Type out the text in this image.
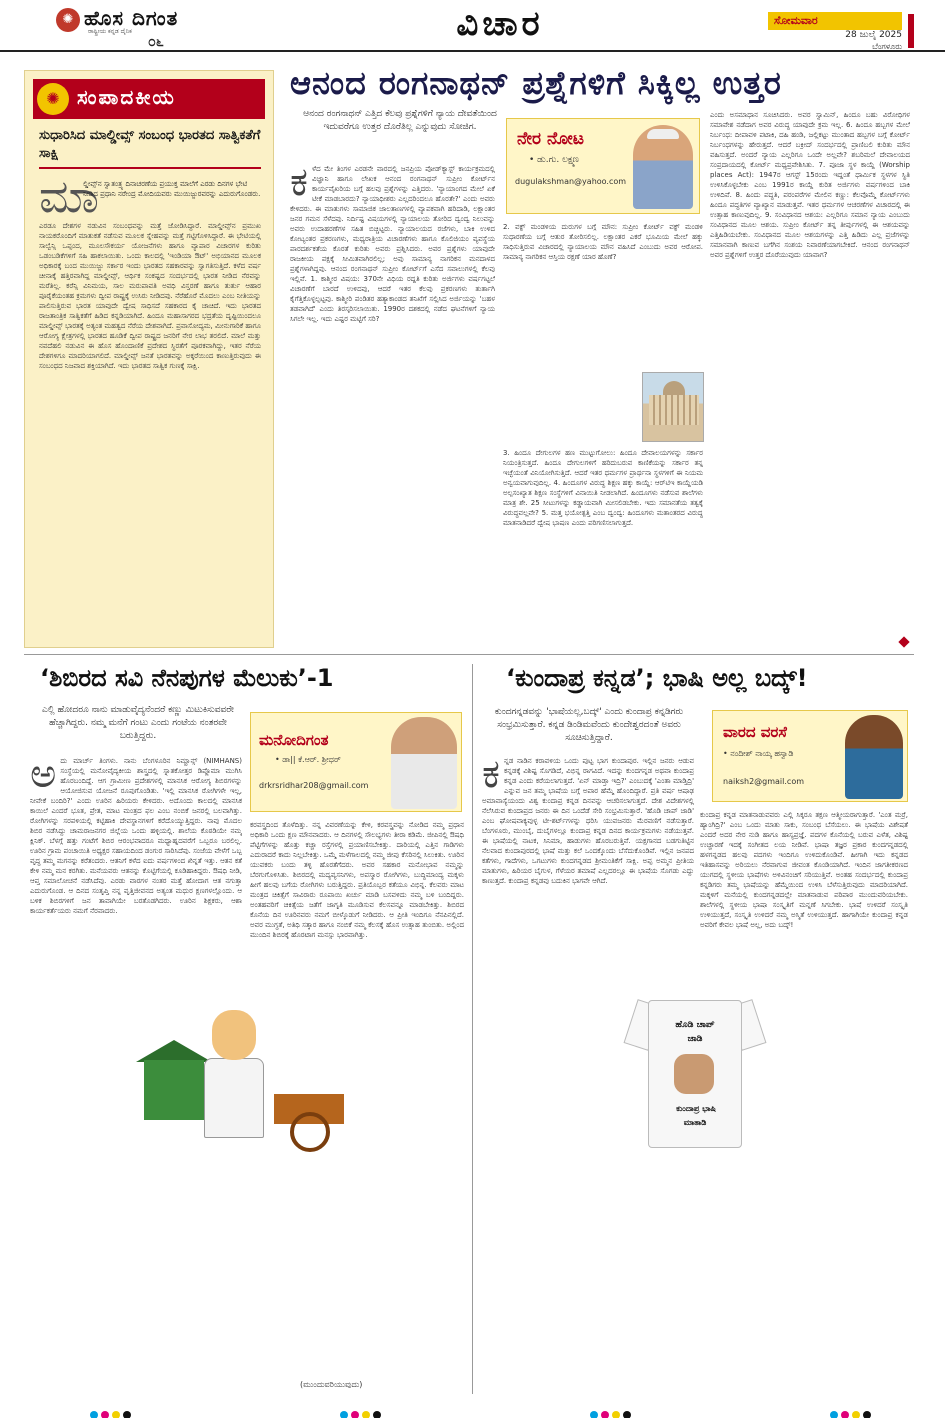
✺ ಹೊಸ ದಿಗಂತ
ರಾಷ್ಟ್ರೀಯ ಕನ್ನಡ ದೈನಿಕ
೦೬	ವಿಚಾರ	ಸೋಮವಾರ
28 ಜುಲೈ 2025
ಬೆಂಗಳೂರು
✺ ಸಂಪಾದಕೀಯ
ಸುಧಾರಿಸಿದ ಮಾಲ್ಡೀವ್ಸ್ ಸಂಬಂಧ ಭಾರತದ ಸಾತ್ವಿಕತೆಗೆ ಸಾಕ್ಷಿ
ಮಾ
ಲ್ಡೀವ್ಸ್‌ನ ಸ್ವಾತಂತ್ರ್ಯ ದಿನಾಚರಣೆಯ ಪ್ರಯುಕ್ತ ಮಾಲೆಗೆ ಎರಡು ದಿನಗಳ ಭೇಟಿ ನೀಡಿದ ಪ್ರಧಾನಿ ನರೇಂದ್ರ ಮೋದಿಯವರು ಮುಯಿಜ್ಜುರವರನ್ನು ಎದುರುಗೊಂಡರು.
ಎರಡೂ ದೇಶಗಳ ನಡುವಿನ ಸಂಬಂಧವನ್ನು ಮತ್ತೆ ಜೋಡಿಸಿದ್ದಾರೆ. ಮಾಲ್ಡೀವ್ಸ್‌ನ ಪ್ರಮುಖ ನಾಯಕರೊಂದಿಗೆ ಮಾತುಕತೆ ನಡೆಸುವ ಮೂಲಕ ಸ್ನೇಹವನ್ನು ಮತ್ತೆ ಗಟ್ಟಿಗೊಳಿಸಿದ್ದಾರೆ. ಈ ಭೇಟಿಯಲ್ಲಿ ಸಾಲ್ವೆನ್ಸಿ ಒಪ್ಪಂದ, ಮೂಲಸೌಕರ್ಯ ಯೋಜನೆಗಳು ಹಾಗೂ ವ್ಯಾಪಾರ ವಿಚಾರಗಳ ಕುರಿತು ಒಡಂಬಡಿಕೆಗಳಿಗೆ ಸಹಿ ಹಾಕಲಾಯಿತು. ಒಂದು ಕಾಲದಲ್ಲಿ 'ಇಂಡಿಯಾ ಔಟ್' ಅಭಿಯಾನದ ಮೂಲಕ ಅಧಿಕಾರಕ್ಕೆ ಬಂದ ಮುಯಿಜ್ಜು ಸರ್ಕಾರ ಇಂದು ಭಾರತದ ಸಹಕಾರವನ್ನು ಸ್ವಾಗತಿಸುತ್ತಿದೆ. ಕಳೆದ ವರ್ಷ ಚೀನಾಕ್ಕೆ ಹತ್ತಿರವಾಗಿದ್ದ ಮಾಲ್ಡೀವ್ಸ್, ಆರ್ಥಿಕ ಸಂಕಷ್ಟದ ಸಂದರ್ಭದಲ್ಲಿ ಭಾರತ ನೀಡಿದ ನೆರವನ್ನು ಮರೆತಿಲ್ಲ. ಕರೆನ್ಸಿ ವಿನಿಮಯ, ಸಾಲ ಮರುಪಾವತಿ ಅವಧಿ ವಿಸ್ತರಣೆ ಹಾಗೂ ತುರ್ತು ಆಹಾರ ಪೂರೈಕೆಯಂತಹ ಕ್ರಮಗಳು ದ್ವೀಪ ರಾಷ್ಟ್ರಕ್ಕೆ ಉಸಿರು ನೀಡಿದವು. ನೆರೆಹೊರೆ ಮೊದಲು ಎಂಬ ನೀತಿಯನ್ನು ಪಾಲಿಸುತ್ತಿರುವ ಭಾರತ ಯಾವುದೇ ದ್ವೇಷ ಸಾಧಿಸದೆ ಸಹಕಾರದ ಕೈ ಚಾಚಿದೆ. ಇದು ಭಾರತದ ರಾಜತಾಂತ್ರಿಕ ಸಾತ್ವಿಕತೆಗೆ ಹಿಡಿದ ಕನ್ನಡಿಯಾಗಿದೆ. ಹಿಂದೂ ಮಹಾಸಾಗರದ ಭದ್ರತೆಯ ದೃಷ್ಟಿಯಿಂದಲೂ ಮಾಲ್ಡೀವ್ಸ್ ಭಾರತಕ್ಕೆ ಅತ್ಯಂತ ಮಹತ್ವದ ನೆರೆಯ ದೇಶವಾಗಿದೆ. ಪ್ರವಾಸೋದ್ಯಮ, ಮೀನುಗಾರಿಕೆ ಹಾಗೂ ಆರೋಗ್ಯ ಕ್ಷೇತ್ರಗಳಲ್ಲಿ ಭಾರತದ ಹೂಡಿಕೆ ದ್ವೀಪ ರಾಷ್ಟ್ರದ ಜನರಿಗೆ ನೇರ ಲಾಭ ತರಲಿದೆ. ಮಾಲೆ ಮತ್ತು ನವದೆಹಲಿ ನಡುವಿನ ಈ ಹೊಸ ಹೊಂದಾಣಿಕೆ ಪ್ರದೇಶದ ಸ್ಥಿರತೆಗೆ ಪೂರಕವಾಗಿದ್ದು, ಇತರ ನೆರೆಯ ದೇಶಗಳಿಗೂ ಮಾದರಿಯಾಗಲಿದೆ. ಮಾಲ್ಡೀವ್ಸ್ ಜನತೆ ಭಾರತವನ್ನು ಅಕ್ಕರೆಯಿಂದ ಕಾಣುತ್ತಿರುವುದು ಈ ಸಂಬಂಧದ ನಿಜವಾದ ಶಕ್ತಿಯಾಗಿದೆ. ಇದು ಭಾರತದ ಸಾತ್ವಿಕ ಗುಣಕ್ಕೆ ಸಾಕ್ಷಿ.
ಆನಂದ ರಂಗನಾಥನ್ ಪ್ರಶ್ನೆಗಳಿಗೆ ಸಿಕ್ಕಿಲ್ಲ ಉತ್ತರ
ಆನಂದ ರಂಗನಾಥನ್ ಎತ್ತಿದ ಕೆಲವು ಪ್ರಶ್ನೆಗಳಿಗೆ ನ್ಯಾಯ ದೇವತೆಯಿಂದ ಇದುವರೆಗೂ ಉತ್ತರ ದೊರೆತಿಲ್ಲ ಎನ್ನುವುದು ಸೋಜಿಗ.
ಕ ಳೆದ ಮೇ ತಿಂಗಳ ಎರಡನೇ ವಾರದಲ್ಲಿ ಜನಪ್ರಿಯ ಪೋಡ್‌ಕ್ಯಾಸ್ಟ್ ಕಾರ್ಯಕ್ರಮದಲ್ಲಿ ವಿಜ್ಞಾನಿ ಹಾಗೂ ಲೇಖಕ ಆನಂದ ರಂಗನಾಥನ್ ಸುಪ್ರೀಂ ಕೋರ್ಟ್‌ನ ಕಾರ್ಯವೈಖರಿಯ ಬಗ್ಗೆ ಹಲವು ಪ್ರಶ್ನೆಗಳನ್ನು ಎತ್ತಿದರು. 'ನ್ಯಾಯಾಂಗದ ಮೇಲೆ ಏಕೆ ಟೀಕೆ ಮಾಡಬಾರದು? ನ್ಯಾಯಾಧೀಶರು ಎಲ್ಲದರಿಂದಲೂ ಹೊರತೇ?' ಎಂದು ಅವರು ಕೇಳಿದರು. ಈ ಮಾತುಗಳು ಸಾಮಾಜಿಕ ಜಾಲತಾಣಗಳಲ್ಲಿ ವ್ಯಾಪಕವಾಗಿ ಹರಿದಾಡಿ, ಲಕ್ಷಾಂತರ ಜನರ ಗಮನ ಸೆಳೆದವು. ನಿರ್ದಿಷ್ಟ ವಿಷಯಗಳಲ್ಲಿ ನ್ಯಾಯಾಲಯ ತೋರಿದ ದ್ವಂದ್ವ ನಿಲುವನ್ನು ಅವರು ಉದಾಹರಣೆಗಳ ಸಹಿತ ಬಿಚ್ಚಿಟ್ಟರು. ನ್ಯಾಯಾಲಯದ ರಜೆಗಳು, ಬಾಕಿ ಉಳಿದ ಕೋಟ್ಯಂತರ ಪ್ರಕರಣಗಳು, ಮಧ್ಯರಾತ್ರಿಯ ವಿಚಾರಣೆಗಳು ಹಾಗೂ ಕೊಲಿಜಿಯಂ ವ್ಯವಸ್ಥೆಯ ಪಾರದರ್ಶಕತೆಯ ಕೊರತೆ ಕುರಿತು ಅವರು ಪ್ರಶ್ನಿಸಿದರು. ಅವರ ಪ್ರಶ್ನೆಗಳು ಯಾವುದೇ ರಾಜಕೀಯ ಪಕ್ಷಕ್ಕೆ ಸೀಮಿತವಾಗಿರಲಿಲ್ಲ; ಅವು ಸಾಮಾನ್ಯ ನಾಗರಿಕನ ಮನದಾಳದ ಪ್ರಶ್ನೆಗಳಾಗಿದ್ದವು. ಆನಂದ ರಂಗನಾಥನ್ ಸುಪ್ರೀಂ ಕೋರ್ಟ್‌ಗೆ ಎಸೆದ ಸವಾಲುಗಳಲ್ಲಿ ಕೆಲವು ಇಲ್ಲಿವೆ. 1. ಕಾಶ್ಮೀರ ವಿಷಯ: 370ನೇ ವಿಧಿಯ ರದ್ದತಿ ಕುರಿತು ಅರ್ಜಿಗಳು ವರ್ಷಗಟ್ಟಲೆ ವಿಚಾರಣೆಗೆ ಬಾರದೆ ಉಳಿದವು, ಆದರೆ ಇತರ ಕೆಲವು ಪ್ರಕರಣಗಳು ತುರ್ತಾಗಿ ಕೈಗೆತ್ತಿಕೊಳ್ಳಲ್ಪಟ್ಟವು. ಕಾಶ್ಮೀರಿ ಪಂಡಿತರ ಹತ್ಯಾಕಾಂಡದ ತನಿಖೆಗೆ ಸಲ್ಲಿಸಿದ ಅರ್ಜಿಯನ್ನು 'ಬಹಳ ತಡವಾಗಿದೆ' ಎಂದು ತಿರಸ್ಕರಿಸಲಾಯಿತು. 1990ರ ದಶಕದಲ್ಲಿ ನಡೆದ ಘಟನೆಗಳಿಗೆ ನ್ಯಾಯ ಸಿಗಲೇ ಇಲ್ಲ. ಇದು ಎಷ್ಟರ ಮಟ್ಟಿಗೆ ಸರಿ?
ನೇರ ನೋಟ
• ಡು.ಗು. ಲಕ್ಷ್ಮಣ
dugulakshman@yahoo.com
2. ವಕ್ಫ್ ಮಂಡಳಿಯ ದುರುಗಳ ಬಗ್ಗೆ ಮೌನ: ಸುಪ್ರೀಂ ಕೋರ್ಟ್ ವಕ್ಫ್ ಮಂಡಳಿ ಸುಧಾರಣೆಯ ಬಗ್ಗೆ ಆತುರ ತೋರಿಸಲಿಲ್ಲ. ಲಕ್ಷಾಂತರ ಎಕರೆ ಭೂಮಿಯ ಮೇಲೆ ಹಕ್ಕು ಸಾಧಿಸುತ್ತಿರುವ ವಿಚಾರದಲ್ಲಿ ನ್ಯಾಯಾಲಯ ಮೌನ ವಹಿಸಿದೆ ಎಂಬುದು ಅವರ ಆರೋಪ. ಸಾಮಾನ್ಯ ನಾಗರಿಕನ ಆಸ್ತಿಯ ರಕ್ಷಣೆ ಯಾರ ಹೊಣೆ?
3. ಹಿಂದೂ ದೇಗುಲಗಳ ಹಣ ಮುಟ್ಟುಗೋಲು: ಹಿಂದೂ ದೇವಾಲಯಗಳನ್ನು ಸರ್ಕಾರ ನಿಯಂತ್ರಿಸುತ್ತದೆ. ಹಿಂದೂ ದೇಗುಲಗಳಿಗೆ ಹರಿದುಬರುವ ಕಾಣಿಕೆಯನ್ನು ಸರ್ಕಾರ ತನ್ನ ಇಚ್ಛೆಯಂತೆ ವಿನಿಯೋಗಿಸುತ್ತಿದೆ. ಆದರೆ ಇತರ ಧರ್ಮಗಳ ಪ್ರಾರ್ಥನಾ ಸ್ಥಳಗಳಿಗೆ ಈ ನಿಯಮ ಅನ್ವಯವಾಗುವುದಿಲ್ಲ. 4. ಹಿಂದೂಗಳ ವಿರುದ್ಧ ಶಿಕ್ಷಣ ಹಕ್ಕು ಕಾಯ್ದೆ: ಆರ್‌ಟಿಇ ಕಾಯ್ದೆಯಡಿ ಅಲ್ಪಸಂಖ್ಯಾತ ಶಿಕ್ಷಣ ಸಂಸ್ಥೆಗಳಿಗೆ ವಿನಾಯಿತಿ ನೀಡಲಾಗಿದೆ. ಹಿಂದೂಗಳು ನಡೆಸುವ ಶಾಲೆಗಳು ಮಾತ್ರ ಶೇ. 25 ಸೀಟುಗಳನ್ನು ಕಡ್ಡಾಯವಾಗಿ ಮೀಸಲಿಡಬೇಕು. ಇದು ಸಮಾನತೆಯ ತತ್ವಕ್ಕೆ ವಿರುದ್ಧವಲ್ಲವೇ? 5. ಮತ್ತ ಭಯೋತ್ಪತ್ತಿ ಎಂಬ ದ್ವಂದ್ವ: ಹಿಂದೂಗಳು ಮತಾಂತರದ ವಿರುದ್ಧ ಮಾತನಾಡಿದರೆ ದ್ವೇಷ ಭಾಷಣ ಎಂದು ಪರಿಗಣಿಸಲಾಗುತ್ತದೆ.
ಎಂದು ಅಸಮಾಧಾನ ಸೂಚಿಸಿದರು. ಅವರ ಸ್ವಾಮಿನ್, ಹಿಂದೂ ಬಹು ವಿರೋಧಿಗಳ ಸಮಾವೇಶ ನಡೆದಾಗ ಅವರ ವಿರುದ್ಧ ಯಾವುದೇ ಕ್ರಮ ಇಲ್ಲ. 6. ಹಿಂದೂ ಹಬ್ಬಗಳ ಮೇಲೆ ನಿರ್ಬಂಧ: ದೀಪಾವಳಿ ಪಟಾಕಿ, ದಹಿ ಹಂಡಿ, ಜಲ್ಲಿಕಟ್ಟು ಮುಂತಾದ ಹಬ್ಬಗಳ ಬಗ್ಗೆ ಕೋರ್ಟ್ ನಿರ್ಬಂಧಗಳನ್ನು ಹೇರುತ್ತದೆ. ಆದರೆ ಬಕ್ರೀದ್ ಸಂದರ್ಭದಲ್ಲಿ ಪ್ರಾಣಿಬಲಿ ಕುರಿತು ಮೌನ ವಹಿಸುತ್ತದೆ. ಅಂದರೆ ನ್ಯಾಯ ಎಲ್ಲರಿಗೂ ಒಂದೇ ಅಲ್ಲವೇ? ಶಬರಿಮಲೆ ದೇವಾಲಯದ ಸಂಪ್ರದಾಯದಲ್ಲಿ ಕೋರ್ಟ್ ಮಧ್ಯಪ್ರವೇಶಿಸಿತು. 7. ಪೂಜಾ ಸ್ಥಳ ಕಾಯ್ದೆ (Worship places Act): 1947ರ ಆಗಸ್ಟ್ 15ರಂದು ಇದ್ದಂತೆ ಧಾರ್ಮಿಕ ಸ್ಥಳಗಳ ಸ್ಥಿತಿ ಉಳಿಸಿಕೊಳ್ಳಬೇಕು ಎಂಬ 1991ರ ಕಾಯ್ದೆ ಕುರಿತ ಅರ್ಜಿಗಳು ವರ್ಷಗಳಿಂದ ಬಾಕಿ ಉಳಿದಿವೆ. 8. ಹಿಂದು ಪದ್ಧತಿ, ಪರಂಪರೆಗಳ ಮೇಲಿನ ಕಣ್ಣು: ಕೆಲವೊಮ್ಮೆ ಕೋರ್ಟ್‌ಗಳು ಹಿಂದೂ ಪದ್ಧತಿಗಳ ವ್ಯಾಖ್ಯಾನ ಮಾಡುತ್ತವೆ. ಇತರ ಧರ್ಮಗಳ ಆಚರಣೆಗಳ ವಿಚಾರದಲ್ಲಿ ಈ ಉತ್ಸಾಹ ಕಾಣುವುದಿಲ್ಲ. 9. ಸಂವಿಧಾನದ ಆಶಯ: ಎಲ್ಲರಿಗೂ ಸಮಾನ ನ್ಯಾಯ ಎಂಬುದು ಸಂವಿಧಾನದ ಮೂಲ ಆಶಯ. ಸುಪ್ರೀಂ ಕೋರ್ಟ್ ತನ್ನ ತೀರ್ಪುಗಳಲ್ಲಿ ಈ ಆಶಯವನ್ನು ಎತ್ತಿಹಿಡಿಯಬೇಕು. ಸಂವಿಧಾನದ ಮೂಲ ಆಶಯಗಳನ್ನು ಎತ್ತಿ ಹಿಡಿದು ಎಲ್ಲ ಪ್ರಜೆಗಳನ್ನು ಸಮಾನವಾಗಿ ಕಾಣುವ ಬಗೆಗಿನ ಸಂಶಯ ನಿವಾರಣೆಯಾಗಬೇಕಿದೆ. ಆನಂದ ರಂಗನಾಥನ್ ಅವರ ಪ್ರಶ್ನೆಗಳಿಗೆ ಉತ್ತರ ದೊರೆಯುವುದು ಯಾವಾಗ?
‘ಶಿಬಿರದ ಸವಿ ನೆನಪುಗಳ ಮೆಲುಕು’-1
ಎಲ್ಲಿ ಹೋದರೂ ನಾನು ಮಾಡುವೈದ್ಯನೆಂದರೆ ಕಣ್ಣು ಮಿಟುಕಿಸುವವರೇ ಹೆಚ್ಚಾಗಿದ್ದರು. ನಮ್ಮ ಮನೆಗೆ ಗಂಟು ಎಂದು ಗಂಟೆಯ ನಂತರವೇ ಬರುತ್ತಿದ್ದರು.
ಅ ದು ಮಾರ್ಚ್ ತಿಂಗಳು. ನಾನು ಬೆಂಗಳೂರಿನ ನಿಮ್ಹಾನ್ಸ್ (NIMHANS) ಸಂಸ್ಥೆಯಲ್ಲಿ ಮನೋವೈದ್ಯಕೀಯ ಶಾಸ್ತ್ರದಲ್ಲಿ ಸ್ನಾತಕೋತ್ತರ ಡಿಪ್ಲೊಮಾ ಮುಗಿಸಿ ಹೊರಬಂದಿದ್ದೆ. ಆಗ ಗ್ರಾಮೀಣ ಪ್ರದೇಶಗಳಲ್ಲಿ ಮಾನಸಿಕ ಆರೋಗ್ಯ ಶಿಬಿರಗಳನ್ನು ಆಯೋಜಿಸುವ ಯೋಜನೆ ರೂಪುಗೊಂಡಿತು. 'ಇಲ್ಲಿ ಮಾನಸಿಕ ರೋಗಿಗಳೇ ಇಲ್ಲ, ನೀವೇಕೆ ಬಂದಿರಿ?' ಎಂದು ಊರಿನ ಹಿರಿಯರು ಕೇಳಿದರು. ಅದೊಂದು ಕಾಲದಲ್ಲಿ ಮಾನಸಿಕ ಕಾಯಿಲೆ ಎಂದರೆ ಭೂತ, ಪ್ರೇತ, ಮಾಟ ಮಂತ್ರದ ಫಲ ಎಂಬ ನಂಬಿಕೆ ಜನರಲ್ಲಿ ಬಲವಾಗಿತ್ತು. ರೋಗಿಗಳನ್ನು ಸರಪಳಿಯಲ್ಲಿ ಕಟ್ಟಿಹಾಕಿ ದೇವಸ್ಥಾನಗಳಿಗೆ ಕರೆದೊಯ್ಯುತ್ತಿದ್ದರು. ನಾವು ಮೊದಲ ಶಿಬಿರ ನಡೆಸಿದ್ದು ಚಾಮರಾಜನಗರ ಜಿಲ್ಲೆಯ ಒಂದು ಹಳ್ಳಿಯಲ್ಲಿ. ಶಾಲೆಯ ಕೊಠಡಿಯೇ ನಮ್ಮ ಕ್ಲಿನಿಕ್. ಬೆಳಗ್ಗೆ ಹತ್ತು ಗಂಟೆಗೆ ಶಿಬಿರ ಆರಂಭವಾದರೂ ಮಧ್ಯಾಹ್ನದವರೆಗೆ ಒಬ್ಬರೂ ಬರಲಿಲ್ಲ. ಊರಿನ ಗ್ರಾಮ ಪಂಚಾಯಿತಿ ಅಧ್ಯಕ್ಷರ ಸಹಾಯದಿಂದ ಡಂಗುರ ಸಾರಿಸಿದೆವು. ಸಂಜೆಯ ವೇಳೆಗೆ ಒಬ್ಬ ವೃದ್ಧ ತಮ್ಮ ಮಗನನ್ನು ಕರೆತಂದರು. ಆತನಿಗೆ ಕಳೆದ ಐದು ವರ್ಷಗಳಿಂದ ಖಿನ್ನತೆ ಇತ್ತು. ಆತನ ಕತೆ ಕೇಳಿ ನಮ್ಮ ಮನ ಕರಗಿತು. ಮನೆಯವರು ಆತನನ್ನು ಕೊಟ್ಟಿಗೆಯಲ್ಲಿ ಕೂಡಿಹಾಕಿದ್ದರು. ಔಷಧಿ ನೀಡಿ, ಆಪ್ತ ಸಮಾಲೋಚನೆ ನಡೆಸಿದೆವು. ಎರಡು ವಾರಗಳ ನಂತರ ಮತ್ತೆ ಹೋದಾಗ ಆತ ನಗುತ್ತಾ ಎದುರುಗೊಂಡ. ಆ ದಿನದ ಸಂತೃಪ್ತಿ ನನ್ನ ವೃತ್ತಿಜೀವನದ ಅತ್ಯಂತ ಮಧುರ ಕ್ಷಣಗಳಲ್ಲೊಂದು. ಆ ಬಳಿಕ ಶಿಬಿರಗಳಿಗೆ ಜನ ತಾವಾಗಿಯೇ ಬರತೊಡಗಿದರು. ಊರಿನ ಶಿಕ್ಷಕರು, ಆಶಾ ಕಾರ್ಯಕರ್ತೆಯರು ನಮಗೆ ನೆರವಾದರು.
ಮನೋದಿಗಂತ
• ಡಾ|| ಕೆ.ಆರ್. ಶ್ರೀಧರ್
drkrsridhar208@gmail.com
ಕರವಸ್ತ್ರದಿಂದ ತೊಳೆದಿತ್ತು. ನನ್ನ ವಿವರಣೆಯನ್ನು ಕೇಳಿ, ಕರವಸ್ತ್ರವನ್ನು ನೋಡಿದ ನಮ್ಮ ಪ್ರಧಾನ ಅಧಿಕಾರಿ ಒಂದು ಕ್ಷಣ ಮೌನವಾದರು. ಆ ದಿನಗಳಲ್ಲಿ ಸೌಲಭ್ಯಗಳು ತೀರಾ ಕಡಿಮೆ. ಜೀಪಿನಲ್ಲಿ ಔಷಧಿ ಪೆಟ್ಟಿಗೆಗಳನ್ನು ಹೊತ್ತು ಕಚ್ಚಾ ರಸ್ತೆಗಳಲ್ಲಿ ಪ್ರಯಾಣಿಸಬೇಕಿತ್ತು. ದಾರಿಯಲ್ಲಿ ಎತ್ತಿನ ಗಾಡಿಗಳು ಎದುರಾದರೆ ಕಾದು ನಿಲ್ಲಬೇಕಿತ್ತು. ಒಮ್ಮೆ ಮಳೆಗಾಲದಲ್ಲಿ ನಮ್ಮ ಜೀಪು ಕೆಸರಿನಲ್ಲಿ ಸಿಲುಕಿತು. ಊರಿನ ಯುವಕರು ಬಂದು ತಳ್ಳಿ ಹೊರತೆಗೆದರು. ಅವರ ಸಹಕಾರ ಮನೋಭಾವ ನಮ್ಮನ್ನು ಬೆರಗುಗೊಳಿಸಿತು. ಶಿಬಿರದಲ್ಲಿ ಮದ್ಯವ್ಯಸನಿಗಳು, ಅಪಸ್ಮಾರ ರೋಗಿಗಳು, ಬುದ್ಧಿಮಾಂದ್ಯ ಮಕ್ಕಳು ಹೀಗೆ ಹಲವು ಬಗೆಯ ರೋಗಿಗಳು ಬರುತ್ತಿದ್ದರು. ಪ್ರತಿಯೊಬ್ಬರ ಕತೆಯೂ ವಿಭಿನ್ನ. ಕೆಲವರು ಮಾಟ ಮಂತ್ರದ ಚಿಕಿತ್ಸೆಗೆ ಸಾವಿರಾರು ರೂಪಾಯಿ ಖರ್ಚು ಮಾಡಿ ಬಸವಳಿದು ನಮ್ಮ ಬಳಿ ಬಂದಿದ್ದರು. ಅಂತಹವರಿಗೆ ಚಿಕಿತ್ಸೆಯ ಜತೆಗೆ ಜಾಗೃತಿ ಮೂಡಿಸುವ ಕೆಲಸವನ್ನೂ ಮಾಡಬೇಕಿತ್ತು. ಶಿಬಿರದ ಕೊನೆಯ ದಿನ ಊರಿನವರು ನಮಗೆ ಬೀಳ್ಕೊಡುಗೆ ನೀಡಿದರು. ಆ ಪ್ರೀತಿ ಇಂದಿಗೂ ನೆನಪಿನಲ್ಲಿದೆ. ಅವರ ಮುಗ್ಧತೆ, ಅತಿಥಿ ಸತ್ಕಾರ ಹಾಗೂ ನಂಬಿಕೆ ನಮ್ಮ ಕೆಲಸಕ್ಕೆ ಹೊಸ ಉತ್ಸಾಹ ತುಂಬಿತು. ಅಲ್ಲಿಂದ ಮುಂದಿನ ಶಿಬಿರಕ್ಕೆ ಹೊರಟಾಗ ಮನಸ್ಸು ಭಾರವಾಗಿತ್ತು.
(ಮುಂದುವರಿಯುವುದು)
‘ಕುಂದಾಪ್ರ ಕನ್ನಡ’; ಭಾಷಿ ಅಲ್ಲ ಬದ್ಕ್!
ಕುಂದಗನ್ನಡವನ್ನು 'ಭಾಷೆಯಲ್ಲ,ಬದ್ಕ್' ಎಂದು ಕುಂದಾಪ್ರ ಕನ್ನಡಿಗರು ಸಂಭ್ರಮಿಸುತ್ತಾರೆ. ಕನ್ನಡ ಡಿಂಡಿಮವೆಂದು ಕುಂದೇಶ್ವರದಂತೆ ಅವರು ಸೂಚಿಸುತ್ತಿದ್ದಾರೆ.	ವಾರದ ವರಸೆ
• ನಂದೀಶ್ ನಾಯ್ಕ ಹಸ್ವಾಡಿ
naiksh2@gmail.com
ಕ ನ್ನಡ ನಾಡಿನ ಕರಾವಳಿಯ ಒಂದು ಪುಟ್ಟ ಭಾಗ ಕುಂದಾಪುರ. ಇಲ್ಲಿನ ಜನರು ಆಡುವ ಕನ್ನಡಕ್ಕೆ ವಿಶಿಷ್ಟ ಸೊಗಡಿದೆ, ವಿಭಿನ್ನ ರಾಗವಿದೆ. ಇದನ್ನು ಕುಂದಗನ್ನಡ ಅಥವಾ ಕುಂದಾಪ್ರ ಕನ್ನಡ ಎಂದು ಕರೆಯಲಾಗುತ್ತದೆ. 'ಏನ್ ಮಾಡ್ತಾ ಇದ್ರಿ?' ಎಂಬುದಕ್ಕೆ 'ಎಂತಾ ಮಾಡ್ತಿದ್ರಿ' ಎನ್ನುವ ಜನ ತಮ್ಮ ಭಾಷೆಯ ಬಗ್ಗೆ ಅಪಾರ ಹೆಮ್ಮೆ ಹೊಂದಿದ್ದಾರೆ. ಪ್ರತಿ ವರ್ಷ ಆಷಾಢ ಅಮಾವಾಸ್ಯೆಯಂದು ವಿಶ್ವ ಕುಂದಾಪ್ರ ಕನ್ನಡ ದಿನವನ್ನು ಆಚರಿಸಲಾಗುತ್ತದೆ. ದೇಶ ವಿದೇಶಗಳಲ್ಲಿ ನೆಲೆಸಿರುವ ಕುಂದಾಪ್ರದ ಜನರು ಈ ದಿನ ಒಂದೆಡೆ ಸೇರಿ ಸಂಭ್ರಮಿಸುತ್ತಾರೆ. 'ಹೊಡಿ ಚಾಪ್ ಜಾಡಿ' ಎಂಬ ಘೋಷವಾಕ್ಯವುಳ್ಳ ಟೀ-ಶರ್ಟ್‌ಗಳನ್ನು ಧರಿಸಿ ಯುವಜನರು ಮೆರವಣಿಗೆ ನಡೆಸುತ್ತಾರೆ. ಬೆಂಗಳೂರು, ಮುಂಬೈ, ದುಬೈಗಳಲ್ಲೂ ಕುಂದಾಪ್ರ ಕನ್ನಡ ದಿನದ ಕಾರ್ಯಕ್ರಮಗಳು ನಡೆಯುತ್ತವೆ. ಈ ಭಾಷೆಯಲ್ಲಿ ನಾಟಕ, ಸಿನಿಮಾ, ಹಾಡುಗಳು ಹೊರಬರುತ್ತಿವೆ. ಯಕ್ಷಗಾನದ ಬಡಗುತಿಟ್ಟಿನ ನೆಲವಾದ ಕುಂದಾಪುರದಲ್ಲಿ ಭಾಷೆ ಮತ್ತು ಕಲೆ ಒಂದಕ್ಕೊಂದು ಬೆಸೆದುಕೊಂಡಿವೆ. ಇಲ್ಲಿನ ಜನಪದ ಕತೆಗಳು, ಗಾದೆಗಳು, ಒಗಟುಗಳು ಕುಂದಗನ್ನಡದ ಶ್ರೀಮಂತಿಕೆಗೆ ಸಾಕ್ಷಿ. ಅಪ್ಪ ಅಮ್ಮನ ಪ್ರೀತಿಯ ಮಾತುಗಳು, ಹಿರಿಯರ ಬೈಗುಳ, ಗೆಳೆಯರ ತಮಾಷೆ ಎಲ್ಲದರಲ್ಲೂ ಈ ಭಾಷೆಯ ಸೊಗಡು ಎದ್ದು ಕಾಣುತ್ತದೆ. ಕುಂದಾಪ್ರ ಕನ್ನಡವು ಬದುಕಿನ ಭಾಗವೇ ಆಗಿದೆ.
ಕುಂದಾಪ್ರ ಕನ್ನಡ ಮಾತನಾಡುವವರು ಎಲ್ಲಿ ಸಿಕ್ಕರೂ ತಕ್ಷಣ ಆತ್ಮೀಯರಾಗುತ್ತಾರೆ. 'ಎಂತ ಮರ್ರೆ, ಹ್ಯಾಂಗಿದ್ರಿ?' ಎಂಬ ಒಂದು ಮಾತು ಸಾಕು, ಸಂಬಂಧ ಬೆಸೆಯಲು. ಈ ಭಾಷೆಯ ವಿಶೇಷತೆ ಎಂದರೆ ಅದರ ನೇರ ನುಡಿ ಹಾಗೂ ಹಾಸ್ಯಪ್ರಜ್ಞೆ. ಪದಗಳ ಕೊನೆಯಲ್ಲಿ ಬರುವ ಎಳೆತ, ವಿಶಿಷ್ಟ ಉಚ್ಚಾರಣೆ ಇದಕ್ಕೆ ಸಂಗೀತದ ಲಯ ನೀಡಿವೆ. ಭಾಷಾ ತಜ್ಞರ ಪ್ರಕಾರ ಕುಂದಗನ್ನಡದಲ್ಲಿ ಹಳಗನ್ನಡದ ಹಲವು ಪದಗಳು ಇಂದಿಗೂ ಉಳಿದುಕೊಂಡಿವೆ. ಹೀಗಾಗಿ ಇದು ಕನ್ನಡದ ಇತಿಹಾಸವನ್ನು ಅರಿಯಲು ನೆರವಾಗುವ ಜೀವಂತ ಕೊಂಡಿಯಾಗಿದೆ. ಇಂದಿನ ಜಾಗತೀಕರಣದ ಯುಗದಲ್ಲಿ ಸ್ಥಳೀಯ ಭಾಷೆಗಳು ಅಳಿವಿನಂಚಿಗೆ ಸರಿಯುತ್ತಿವೆ. ಅಂತಹ ಸಂದರ್ಭದಲ್ಲಿ ಕುಂದಾಪ್ರ ಕನ್ನಡಿಗರು ತಮ್ಮ ಭಾಷೆಯನ್ನು ಹೆಮ್ಮೆಯಿಂದ ಉಳಿಸಿ ಬೆಳೆಸುತ್ತಿರುವುದು ಮಾದರಿಯಾಗಿದೆ. ಮಕ್ಕಳಿಗೆ ಮನೆಯಲ್ಲಿ ಕುಂದಗನ್ನಡದಲ್ಲೇ ಮಾತನಾಡುವ ಪರಿಪಾಠ ಮುಂದುವರಿಯಬೇಕು. ಶಾಲೆಗಳಲ್ಲಿ ಸ್ಥಳೀಯ ಭಾಷಾ ಸಂಸ್ಕೃತಿಗೆ ಮನ್ನಣೆ ಸಿಗಬೇಕು. ಭಾಷೆ ಉಳಿದರೆ ಸಂಸ್ಕೃತಿ ಉಳಿಯುತ್ತದೆ, ಸಂಸ್ಕೃತಿ ಉಳಿದರೆ ನಮ್ಮ ಅಸ್ಮಿತೆ ಉಳಿಯುತ್ತದೆ. ಹಾಗಾಗಿಯೇ ಕುಂದಾಪ್ರ ಕನ್ನಡ ಅವರಿಗೆ ಕೇವಲ ಭಾಷೆ ಅಲ್ಲ, ಅದು ಬದ್ಕ್!
ಹೊಡಿ ಚಾಪ್
ಜಾಡಿ
ಕುಂದಾಪ್ರ ಭಾಷಿ
ಮಾತಾಡಿ
